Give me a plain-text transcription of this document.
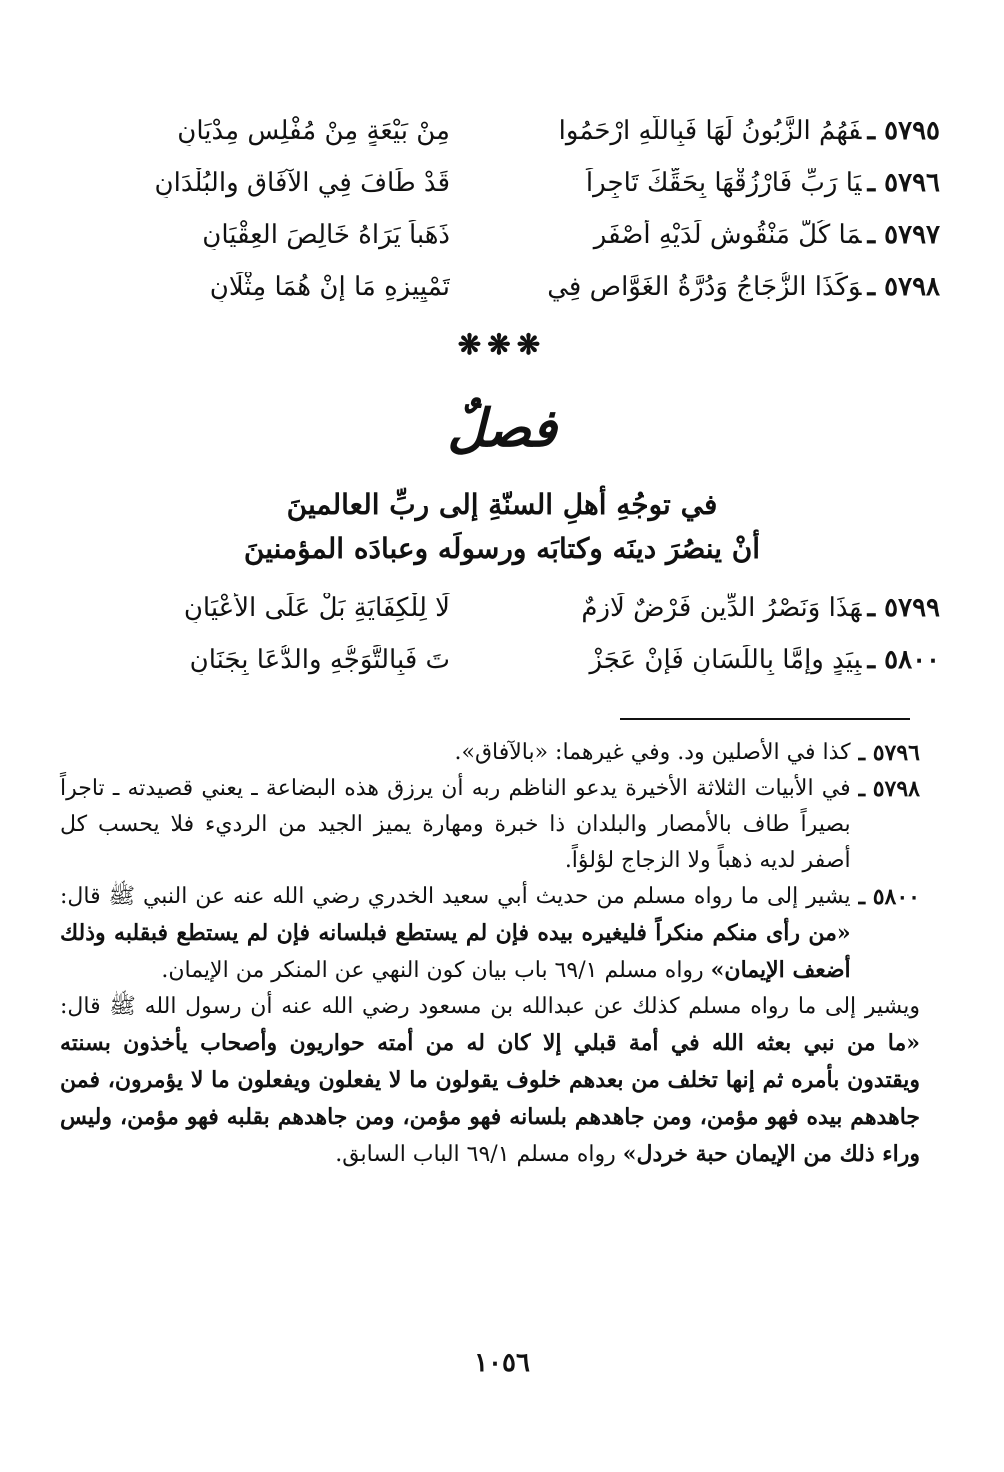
٥٧٩٥ ـفَهُمُ الزَّبُونُ لَهَا فَبِاللَّهِ ارْحَمُوا
مِنْ بَيْعَةٍ مِنْ مُفْلِسٍ مِدْيَانِ
٥٧٩٦ ـيَا رَبِّ فَارْزُقْهَا بِحَقِّكَ تَاجِراً
قَدْ طَافَ فِي الآفَاقِ والبُلْدَانِ
٥٧٩٧ ـمَا كُلُّ مَنْقُوشٍ لَدَيْهِ أصْفَرٍ
ذَهَباً يَرَاهُ خَالِصَ العِقْيَانِ
٥٧٩٨ ـوَكَذَا الزُّجَاجُ وَدُرَّةُ الغَوَّاصِ فِي
تَمْيِيزِهِ مَا إنْ هُمَا مِثْلَانِ
❋❋❋
فصلٌ
في توجُهِ أهلِ السنّةِ إلى ربِّ العالمينَ
أنْ ينصُرَ دينَه وكتابَه ورسولَه وعبادَه المؤمنينَ
٥٧٩٩ ـهَذَا وَنَصْرُ الدِّينِ فَرْضٌ لَازِمٌ
لَا لِلْكِفَايَةِ بَلْ عَلَى الأَعْيَانِ
٥٨٠٠ ـبِيَدٍ وإمَّا بِاللِّسَانِ فَإنْ عَجَزْ
تَ فَبِالتَّوَجُّهِ والدُّعَا بِجَنَانِ
٥٧٩٦ ـ
كذا في الأصلين ود. وفي غيرهما: «بالآفاق».
٥٧٩٨ ـ
في الأبيات الثلاثة الأخيرة يدعو الناظم ربه أن يرزق هذه البضاعة ـ يعني قصيدته ـ تاجراً بصيراً طاف بالأمصار والبلدان ذا خبرة ومهارة يميز الجيد من الرديء فلا يحسب كل أصفر لديه ذهباً ولا الزجاج لؤلؤاً.
٥٨٠٠ ـ
يشير إلى ما رواه مسلم من حديث أبي سعيد الخدري رضي الله عنه عن النبي ﷺ قال: «من رأى منكم منكراً فليغيره بيده فإن لم يستطع فبلسانه فإن لم يستطع فبقلبه وذلك أضعف الإيمان» رواه مسلم ٦٩/١ باب بيان كون النهي عن المنكر من الإيمان.
ويشير إلى ما رواه مسلم كذلك عن عبدالله بن مسعود رضي الله عنه أن رسول الله ﷺ قال: «ما من نبي بعثه الله في أمة قبلي إلا كان له من أمته حواريون وأصحاب يأخذون بسنته ويقتدون بأمره ثم إنها تخلف من بعدهم خلوف يقولون ما لا يفعلون ويفعلون ما لا يؤمرون، فمن جاهدهم بيده فهو مؤمن، ومن جاهدهم بلسانه فهو مؤمن، ومن جاهدهم بقلبه فهو مؤمن، وليس وراء ذلك من الإيمان حبة خردل» رواه مسلم ٦٩/١ الباب السابق.
١٠٥٦
